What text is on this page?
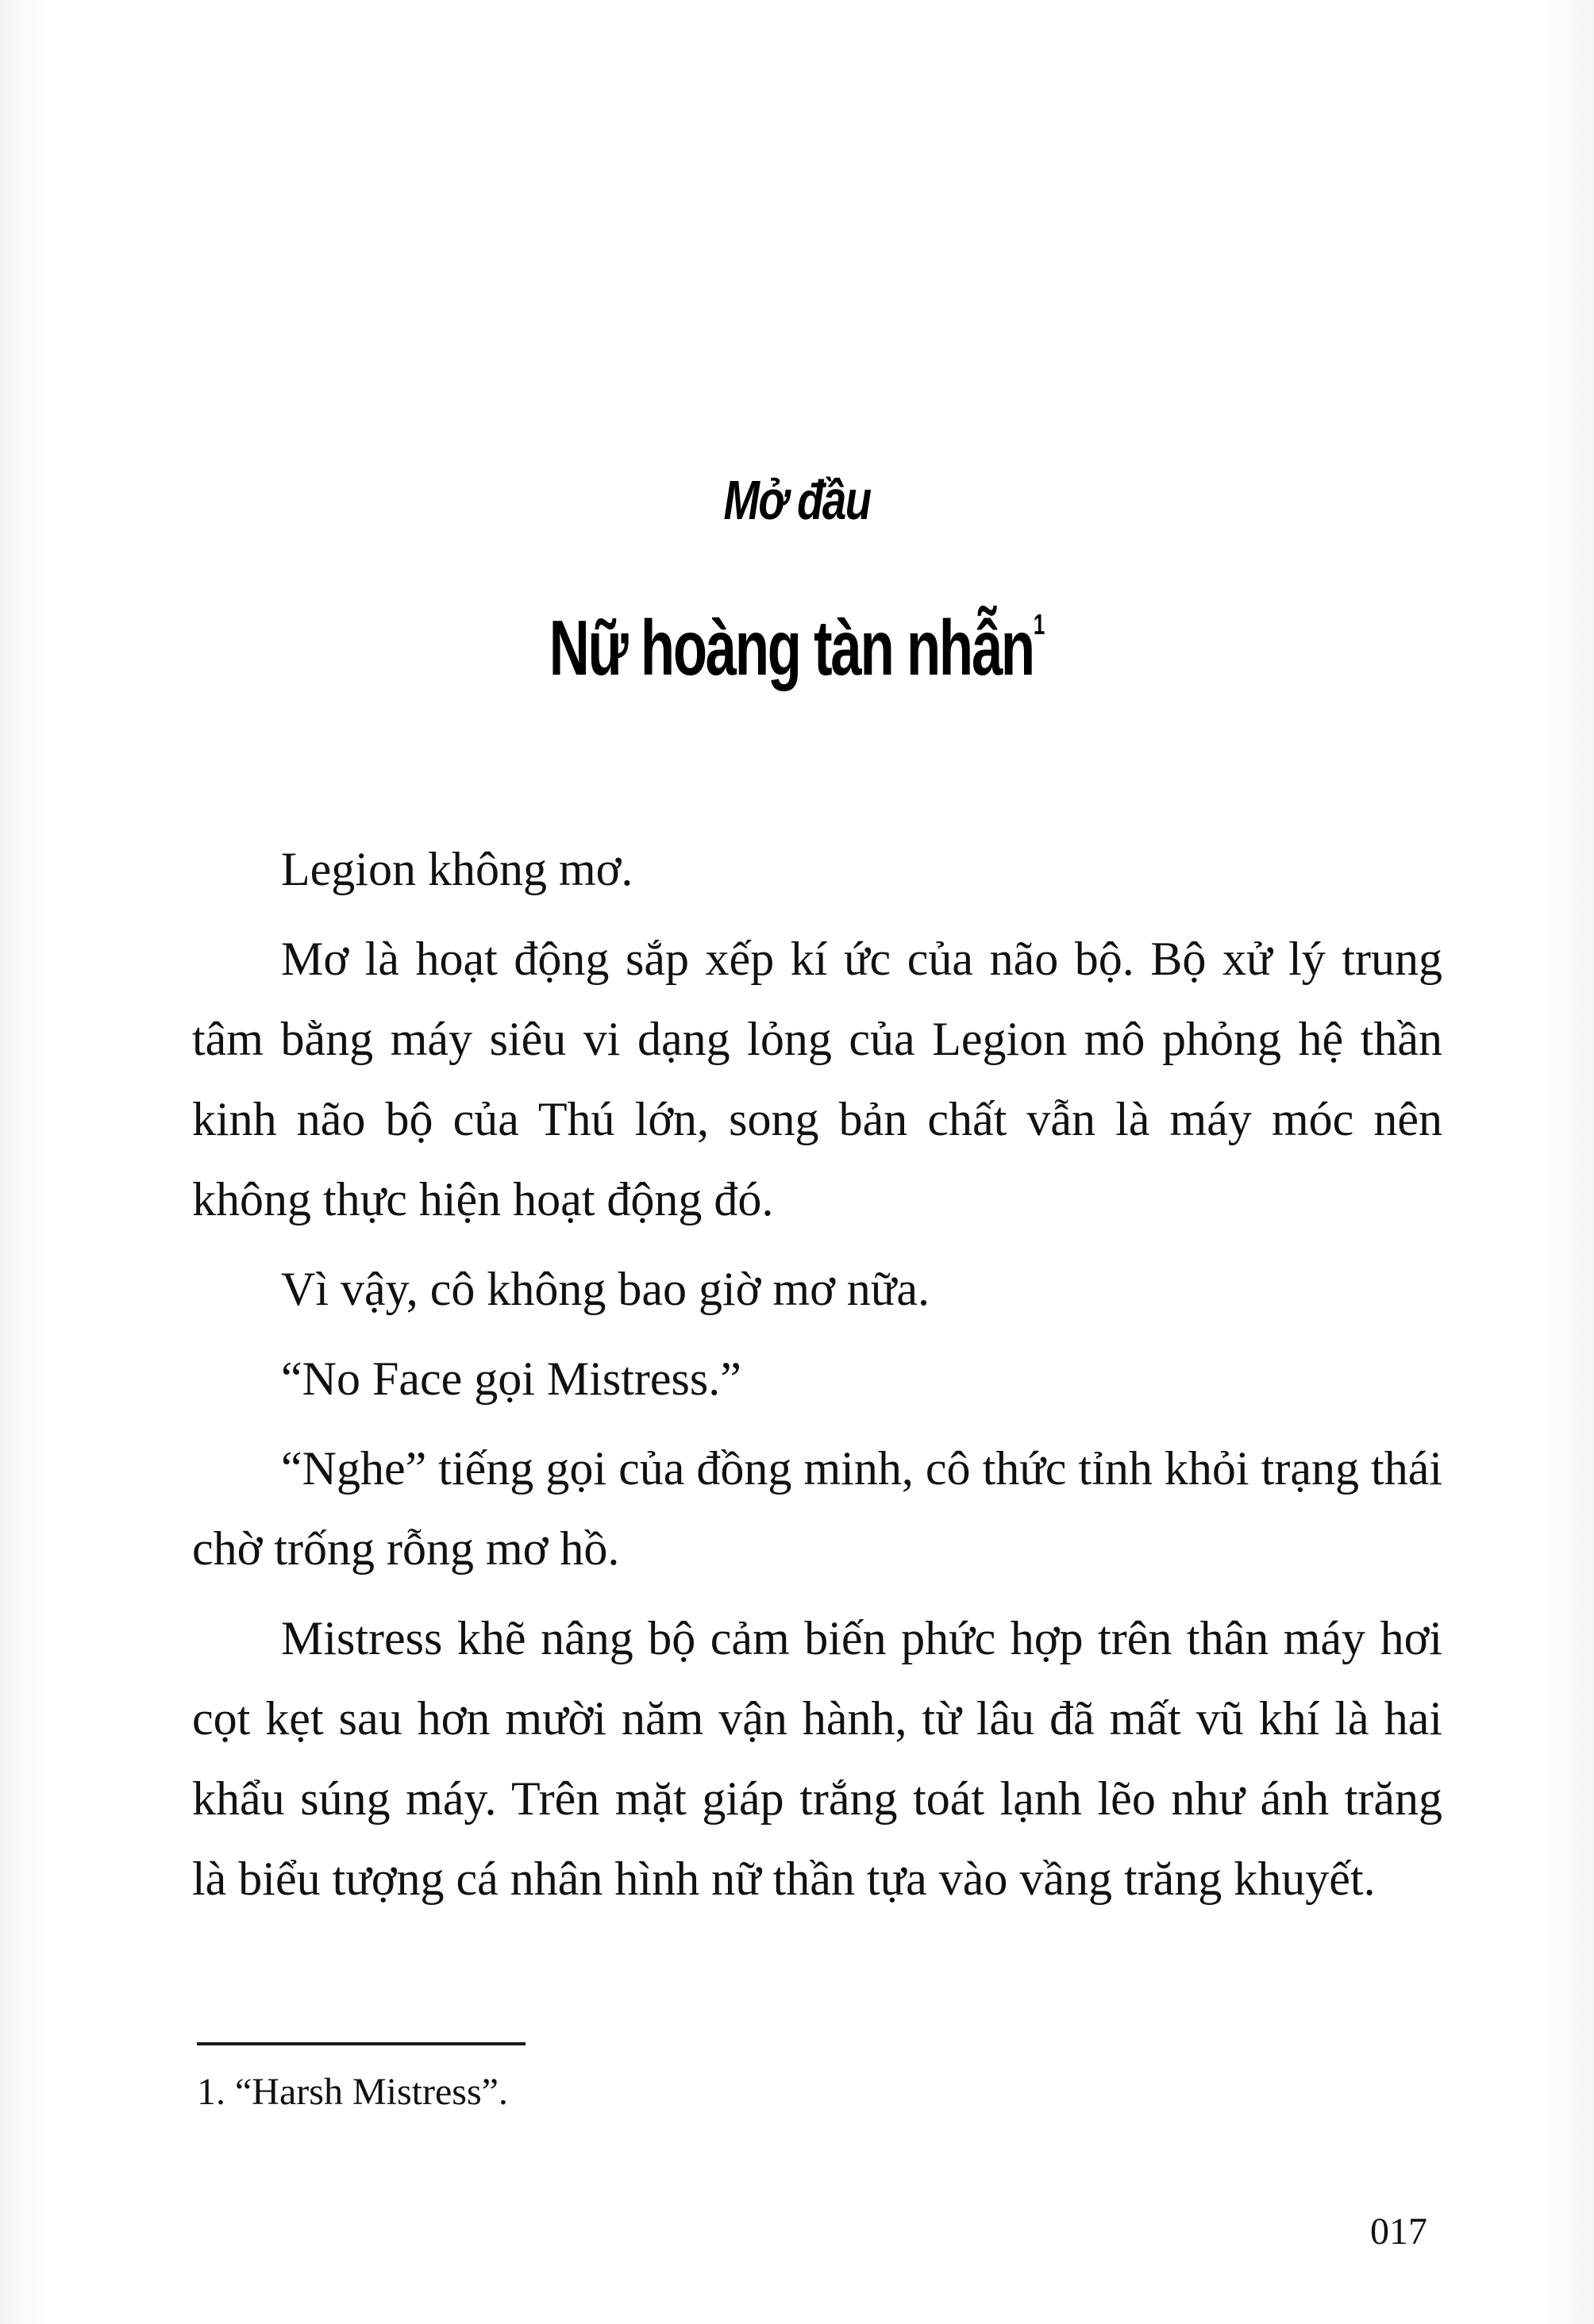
Mở đầu
Nữ hoàng tàn nhẫn$^1$

Legion không mơ.

Mơ là hoạt động sắp xếp kí ức của não bộ. Bộ xử lý trung tâm bằng máy siêu vi dạng lỏng của Legion mô phỏng hệ thần kinh não bộ của Thú lớn, song bản chất vẫn là máy móc nên không thực hiện hoạt động đó.

Vì vậy, cô không bao giờ mơ nữa.

“No Face gọi Mistress.”

“Nghe” tiếng gọi của đồng minh, cô thức tỉnh khỏi trạng thái chờ trống rỗng mơ hồ.

Mistress khẽ nâng bộ cảm biến phức hợp trên thân máy hơi cọt kẹt sau hơn mười năm vận hành, từ lâu đã mất vũ khí là hai khẩu súng máy. Trên mặt giáp trắng toát lạnh lẽo như ánh trăng là biểu tượng cá nhân hình nữ thần tựa vào vầng trăng khuyết.

1. “Harsh Mistress”.
017
